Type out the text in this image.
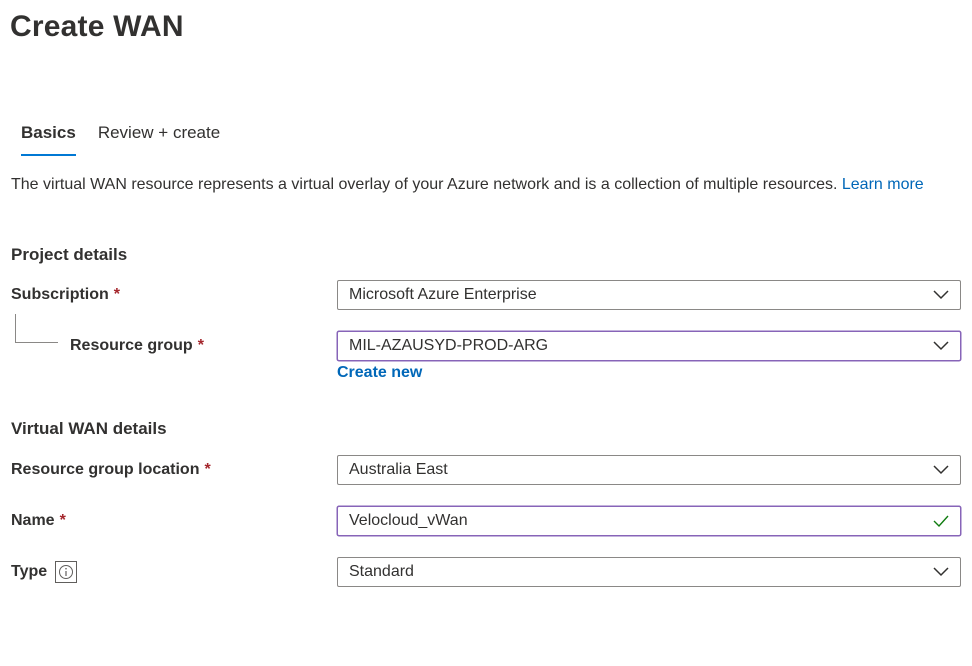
Create WAN
Basics	Review + create
The virtual WAN resource represents a virtual overlay of your Azure network and is a collection of multiple resources. Learn more
Project details
Subscription *	Microsoft Azure Enterprise
Resource group *	MIL-AZAUSYD-PROD-ARG
Create new
Virtual WAN details
Resource group location *	Australia East
Name *	Velocloud_vWan
Type	Standard
